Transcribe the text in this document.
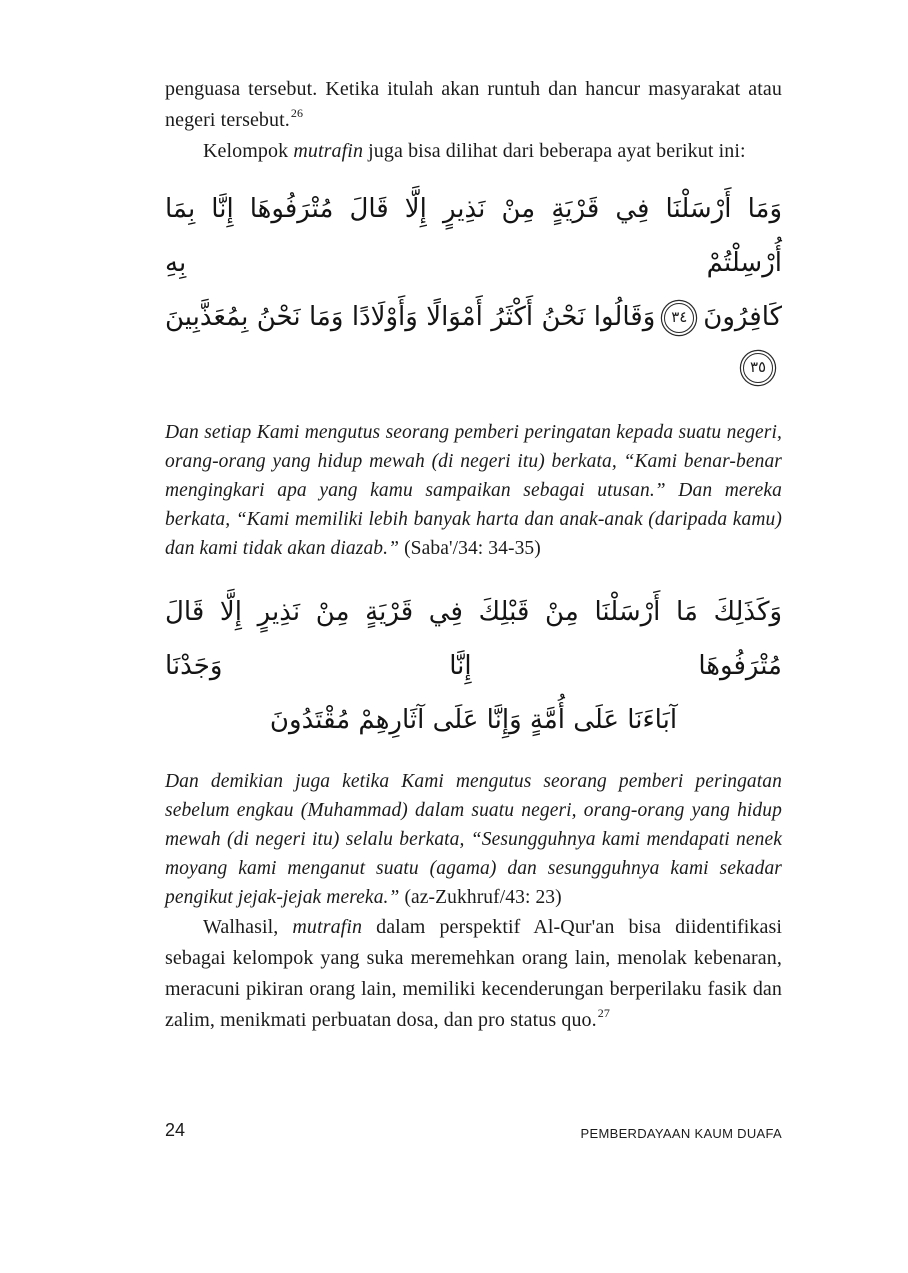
penguasa tersebut. Ketika itulah akan runtuh dan hancur masyarakat atau negeri tersebut.$^{26}$

Kelompok mutrafin juga bisa dilihat dari beberapa ayat berikut ini:

وَمَا أَرْسَلْنَا فِي قَرْيَةٍ مِنْ نَذِيرٍ إِلَّا قَالَ مُتْرَفُوهَا إِنَّا بِمَا أُرْسِلْتُمْ بِهِ
كَافِرُونَ
٣٤
وَقَالُوا نَحْنُ أَكْثَرُ أَمْوَالًا وَأَوْلَادًا وَمَا نَحْنُ بِمُعَذَّبِينَ
٣٥

Dan setiap Kami mengutus seorang pemberi peringatan kepada suatu negeri, orang-orang yang hidup mewah (di negeri itu) berkata, “Kami benar-benar mengingkari apa yang kamu sampaikan sebagai utusan.” Dan mereka berkata, “Kami memiliki lebih banyak harta dan anak-anak (daripada kamu) dan kami tidak akan diazab.” (Saba'/34: 34-35)

وَكَذَلِكَ مَا أَرْسَلْنَا مِنْ قَبْلِكَ فِي قَرْيَةٍ مِنْ نَذِيرٍ إِلَّا قَالَ مُتْرَفُوهَا إِنَّا وَجَدْنَا
آبَاءَنَا عَلَى أُمَّةٍ وَإِنَّا عَلَى آثَارِهِمْ مُقْتَدُونَ

Dan demikian juga ketika Kami mengutus seorang pemberi peringatan sebelum engkau (Muhammad) dalam suatu negeri, orang-orang yang hidup mewah (di negeri itu) selalu berkata, “Sesungguhnya kami mendapati nenek moyang kami menganut suatu (agama) dan sesungguhnya kami sekadar pengikut jejak-jejak mereka.” (az-Zukhruf/43: 23)

Walhasil, mutrafin dalam perspektif Al-Qur'an bisa diidentifikasi sebagai kelompok yang suka meremehkan orang lain, menolak kebenaran, meracuni pikiran orang lain, memiliki kecenderungan berperilaku fasik dan zalim, menikmati perbuatan dosa, dan pro status quo.$^{27}$

24	PEMBERDAYAAN KAUM DUAFA
